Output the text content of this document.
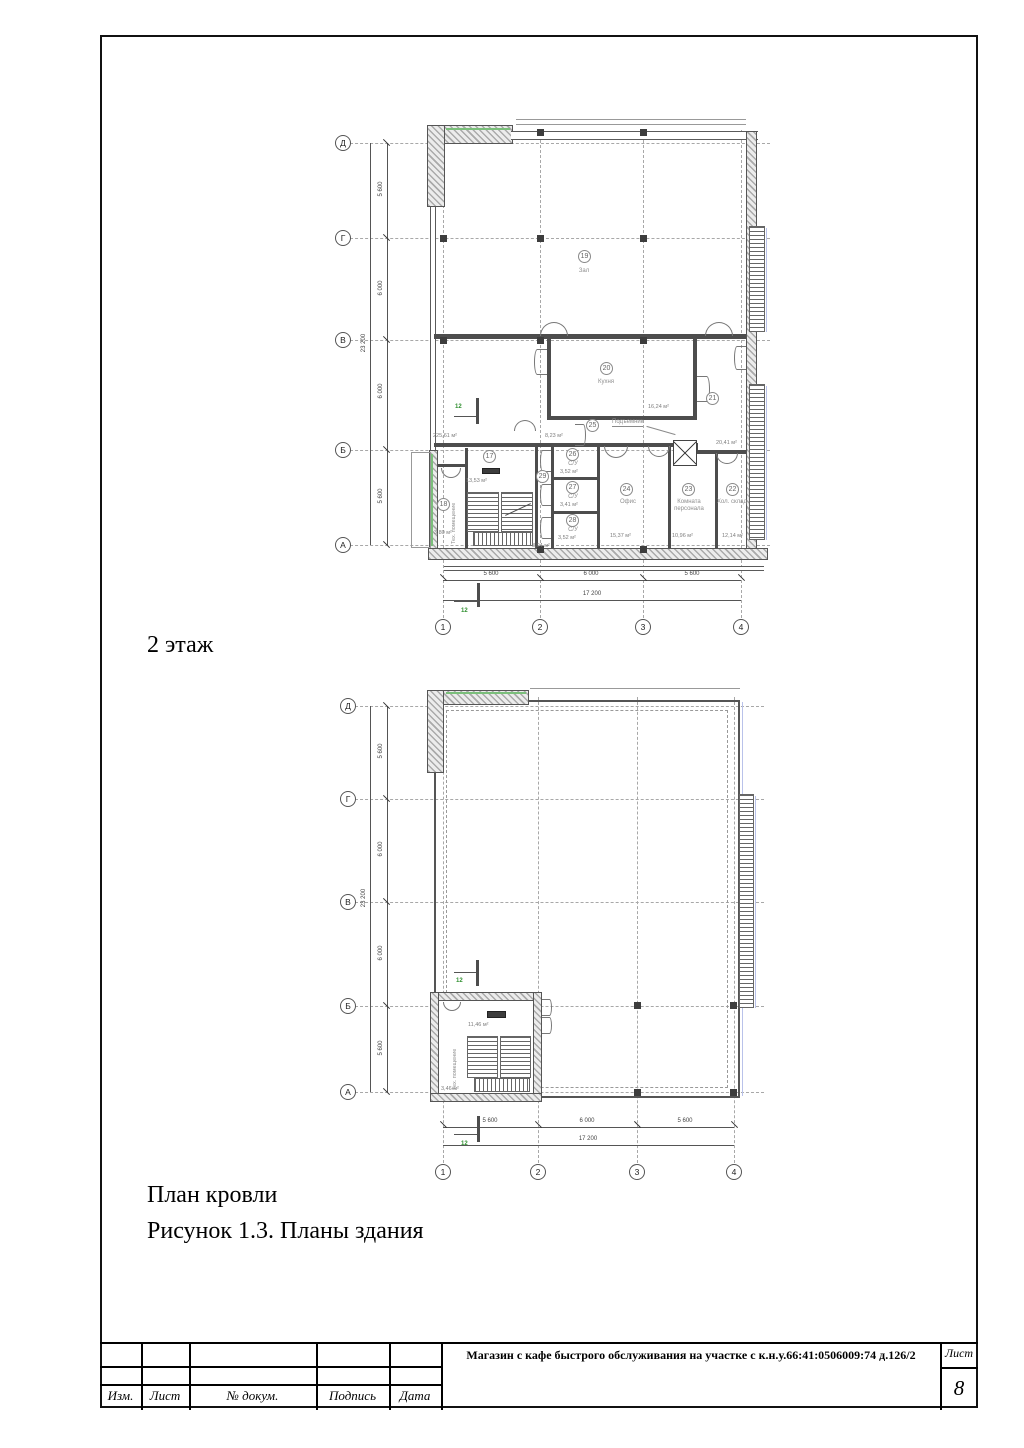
Д
Г
В
Б
А
1	2	3	4
5 600	6 000	5 600
17 200
5 600
6 000
6 000
5 600
23 200
19
Зал
225,61 м²	8,23 м²
20
Кухня
16,24 м²
21
20,41 м²
25	Подъемник
17
13,53 м²
18 Тех. помещение
3,80 м²
26
С/У
3,52 м²
27
С/У
3,41 м²
28
С/У
3,52 м²
29
8,04 м²
24
Офис
15,37 м²
23
Комната персонала
10,96 м²
22
Хол. склад
12,14 м²
12
12
2 этаж
Д
Г
В
Б
А
1	2	3	4
5 600	6 000	5 600
17 200
5 600
6 000
6 000
5 600
23 200
11,46 м²
Тех. помещение
3,46 м²
12
12
План кровли
Рисунок 1.3. Планы здания
Изм.	Лист	№ докум.	Подпись	Дата
Магазин с кафе быстрого обслуживания на участке с к.н.у.66:41:0506009:74 д.126/2	Лист
8
